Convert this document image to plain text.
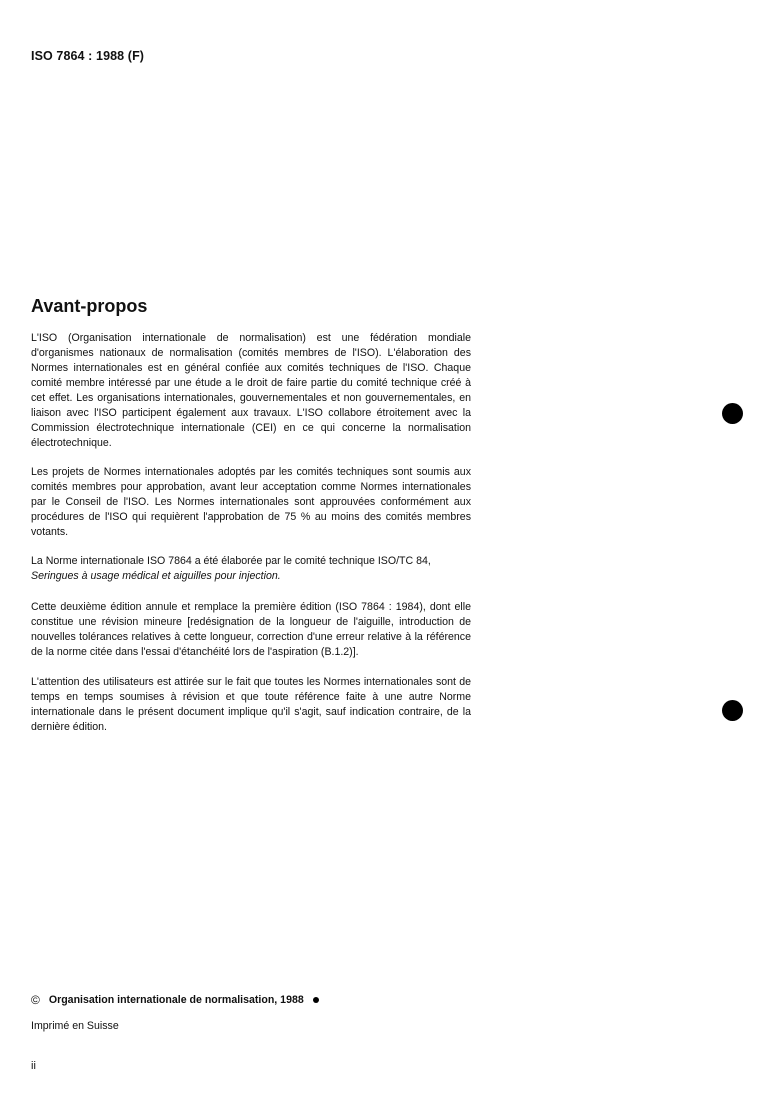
ISO 7864 : 1988 (F)
Avant-propos

L'ISO (Organisation internationale de normalisation) est une fédération mondiale d'organismes nationaux de normalisation (comités membres de l'ISO). L'élaboration des Normes internationales est en général confiée aux comités techniques de l'ISO. Chaque comité membre intéressé par une étude a le droit de faire partie du comité technique créé à cet effet. Les organisations internationales, gouvernementales et non gouvernementales, en liaison avec l'ISO participent également aux travaux. L'ISO collabore étroitement avec la Commission électrotechnique internationale (CEI) en ce qui concerne la normalisation électrotechnique.

Les projets de Normes internationales adoptés par les comités techniques sont soumis aux comités membres pour approbation, avant leur acceptation comme Normes internationales par le Conseil de l'ISO. Les Normes internationales sont approuvées conformément aux procédures de l'ISO qui requièrent l'approbation de 75 % au moins des comités membres votants.

La Norme internationale ISO 7864 a été élaborée par le comité technique ISO/TC 84,
Seringues à usage médical et aiguilles pour injection.

Cette deuxième édition annule et remplace la première édition (ISO 7864 : 1984), dont elle constitue une révision mineure [redésignation de la longueur de l'aiguille, introduction de nouvelles tolérances relatives à cette longueur, correction d'une erreur relative à la référence de la norme citée dans l'essai d'étanchéité lors de l'aspiration (B.1.2)].

L'attention des utilisateurs est attirée sur le fait que toutes les Normes internationales sont de temps en temps soumises à révision et que toute référence faite à une autre Norme internationale dans le présent document implique qu'il s'agit, sauf indication contraire, de la dernière édition.

© Organisation internationale de normalisation, 1988
Imprimé en Suisse
ii
